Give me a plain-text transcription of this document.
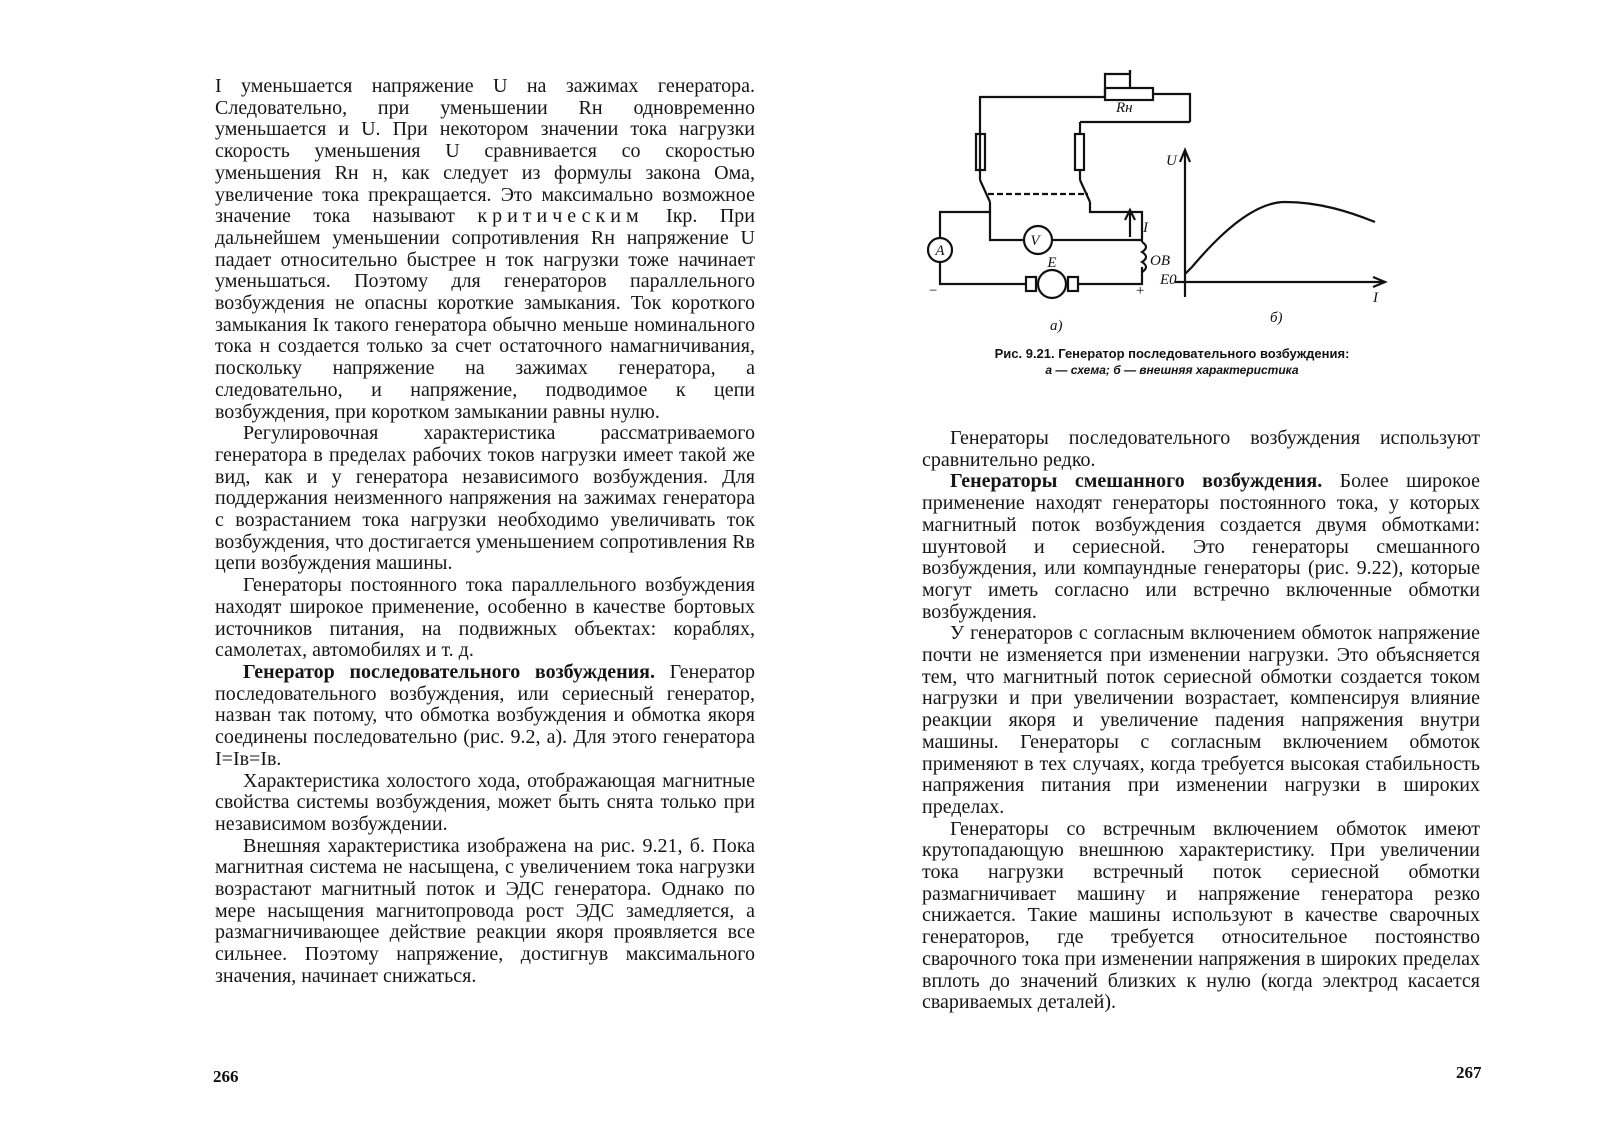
I уменьшается напряжение U на зажимах генератора. Следовательно, при уменьшении Rн одновременно уменьшается и U. При некотором значении тока нагрузки скорость уменьшения U сравнивается со скоростью уменьшения Rн н, как следует из формулы закона Ома, увеличение тока прекращается. Это максимально возможное значение тока называют критическим Iкр. При дальнейшем уменьшении сопротивления Rн напряжение U падает относительно быстрее н ток нагрузки тоже начинает уменьшаться. Поэтому для генераторов параллельного возбуждения не опасны короткие замыкания. Ток короткого замыкания Iк такого генератора обычно меньше номинального тока н создается только за счет остаточного намагничивания, поскольку напряжение на зажимах генератора, а следовательно, и напряжение, подводимое к цепи возбуждения, при коротком замыкании равны нулю.

Регулировочная характеристика рассматриваемого генератора в пределах рабочих токов нагрузки имеет такой же вид, как и у генератора независимого возбуждения. Для поддержания неизменного напряжения на зажимах генератора с возрастанием тока нагрузки необходимо увеличивать ток возбуждения, что достигается уменьшением сопротивления Rв цепи возбуждения машины.

Генераторы постоянного тока параллельного возбуждения находят широкое применение, особенно в качестве бортовых источников питания, на подвижных объектах: кораблях, самолетах, автомобилях и т. д.

Генератор последовательного возбуждения. Генератор последовательного возбуждения, или сериесный генератор, назван так потому, что обмотка возбуждения и обмотка якоря соединены последовательно (рис. 9.2, а). Для этого генератора I=Iв=Iв.

Характеристика холостого хода, отображающая магнитные свойства системы возбуждения, может быть снята только при независимом возбуждении.

Внешняя характеристика изображена на рис. 9.21, б. Пока магнитная система не насыщена, с увеличением тока нагрузки возрастают магнитный поток и ЭДС генератора. Однако по мере насыщения магнитопровода рост ЭДС замедляется, а размагничивающее действие реакции якоря проявляется все сильнее. Поэтому напряжение, достигнув максимального значения, начинает снижаться.

266
Rн
V
A
E
I
ОВ
−	+
а)
U
I
E0
б)
Рис. 9.21. Генератор последовательного возбуждения:
а — схема; б — внешняя характеристика

Генераторы последовательного возбуждения используют сравнительно редко.

Генераторы смешанного возбуждения. Более широкое применение находят генераторы постоянного тока, у которых магнитный поток возбуждения создается двумя обмотками: шунтовой и сериесной. Это генераторы смешанного возбуждения, или компаундные генераторы (рис. 9.22), которые могут иметь согласно или встречно включенные обмотки возбуждения.

У генераторов с согласным включением обмоток напряжение почти не изменяется при изменении нагрузки. Это объясняется тем, что магнитный поток сериесной обмотки создается током нагрузки и при увеличении возрастает, компенсируя влияние реакции якоря и увеличение падения напряжения внутри машины. Генераторы с согласным включением обмоток применяют в тех случаях, когда требуется высокая стабильность напряжения питания при изменении нагрузки в широких пределах.

Генераторы со встречным включением обмоток имеют крутопадающую внешнюю характеристику. При увеличении тока нагрузки встречный поток сериесной обмотки размагничивает машину и напряжение генератора резко снижается. Такие машины используют в качестве сварочных генераторов, где требуется относительное постоянство сварочного тока при изменении напряжения в широких пределах вплоть до значений близких к нулю (когда электрод касается свариваемых деталей).

267
